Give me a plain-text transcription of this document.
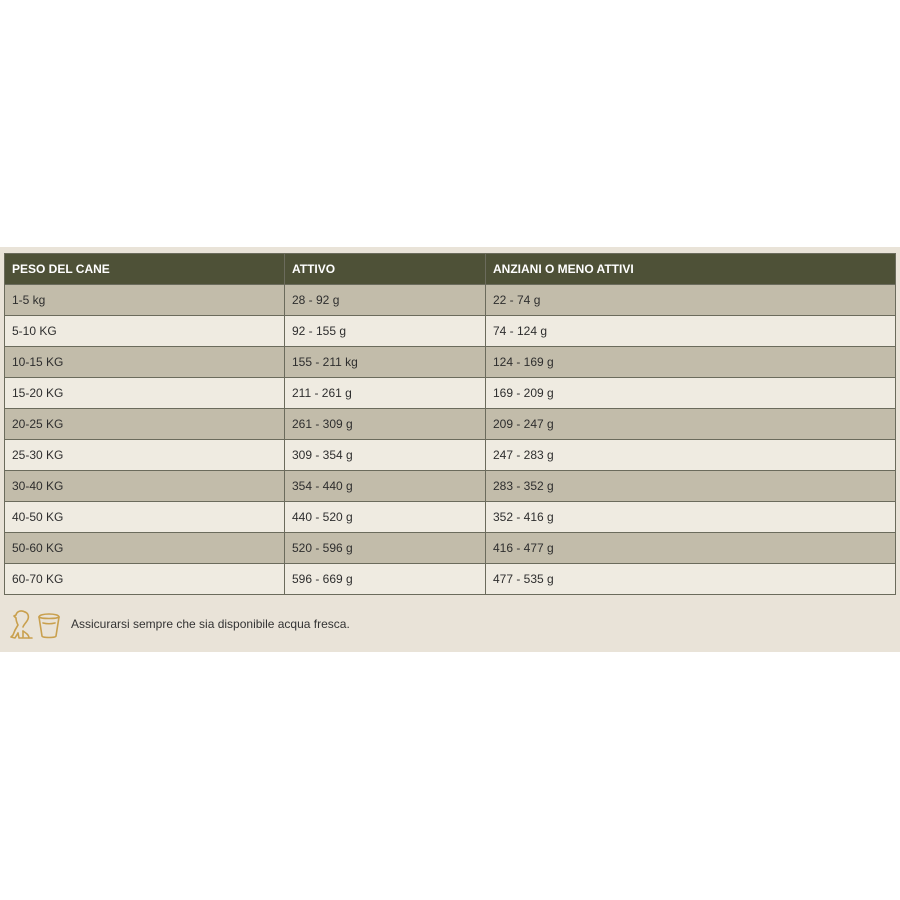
PESO DEL CANE	ATTIVO	ANZIANI O MENO ATTIVI
1-5 kg	28 - 92 g	22 - 74 g
5-10 KG	92 - 155 g	74 - 124 g
10-15 KG	155 - 211 kg	124 - 169 g
15-20 KG	211 - 261 g	169 - 209 g
20-25 KG	261 - 309 g	209 - 247 g
25-30 KG	309 - 354 g	247 - 283 g
30-40 KG	354 - 440 g	283 - 352 g
40-50 KG	440 - 520 g	352 - 416 g
50-60 KG	520 - 596 g	416 - 477 g
60-70 KG	596 - 669 g	477 - 535 g
Assicurarsi sempre che sia disponibile acqua fresca.
